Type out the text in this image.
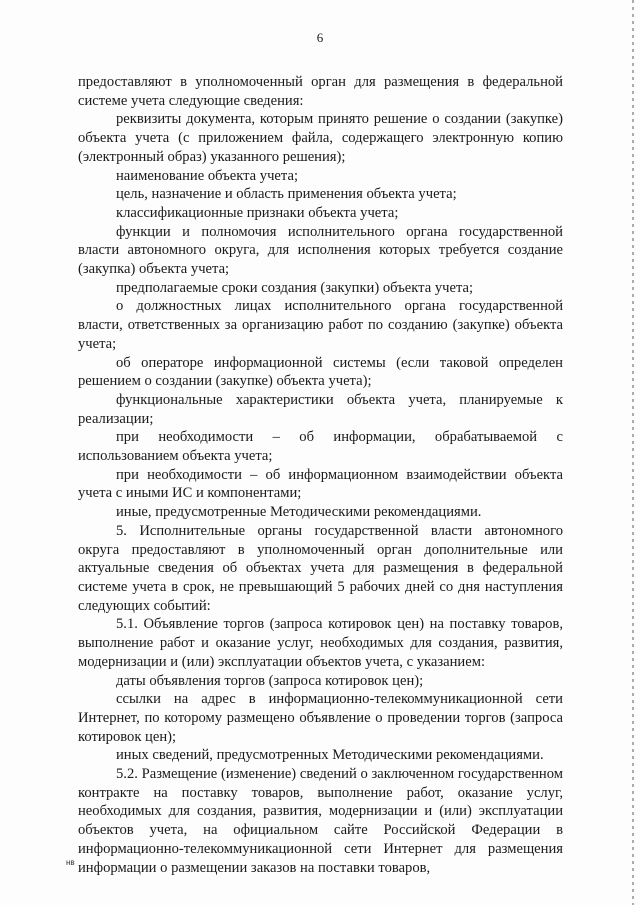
6

предоставляют в уполномоченный орган для размещения в федеральной системе учета следующие сведения:

реквизиты документа, которым принято решение о создании (закупке) объекта учета (с приложением файла, содержащего электронную копию (электронный образ) указанного решения);

наименование объекта учета;

цель, назначение и область применения объекта учета;

классификационные признаки объекта учета;

функции и полномочия исполнительного органа государственной власти автономного округа, для исполнения которых требуется создание (закупка) объекта учета;

предполагаемые сроки создания (закупки) объекта учета;

о должностных лицах исполнительного органа государственной власти, ответственных за организацию работ по созданию (закупке) объекта учета;

об операторе информационной системы (если таковой определен решением о создании (закупке) объекта учета);

функциональные характеристики объекта учета, планируемые к реализации;

при необходимости – об информации, обрабатываемой с использованием объекта учета;

при необходимости – об информационном взаимодействии объекта учета с иными ИС и компонентами;

иные, предусмотренные Методическими рекомендациями.

5. Исполнительные органы государственной власти автономного округа предоставляют в уполномоченный орган дополнительные или актуальные сведения об объектах учета для размещения в федеральной системе учета в срок, не превышающий 5 рабочих дней со дня наступления следующих событий:

5.1. Объявление торгов (запроса котировок цен) на поставку товаров, выполнение работ и оказание услуг, необходимых для создания, развития, модернизации и (или) эксплуатации объектов учета, с указанием:

даты объявления торгов (запроса котировок цен);

ссылки на адрес в информационно-телекоммуникационной сети Интернет, по которому размещено объявление о проведении торгов (запроса котировок цен);

иных сведений, предусмотренных Методическими рекомендациями.

5.2. Размещение (изменение) сведений о заключенном государственном контракте на поставку товаров, выполнение работ, оказание услуг, необходимых для создания, развития, модернизации и (или) эксплуатации объектов учета, на официальном сайте Российской Федерации в информационно-телекоммуникационной сети Интернет для размещения информации о размещении заказов на поставки товаров,

нв
